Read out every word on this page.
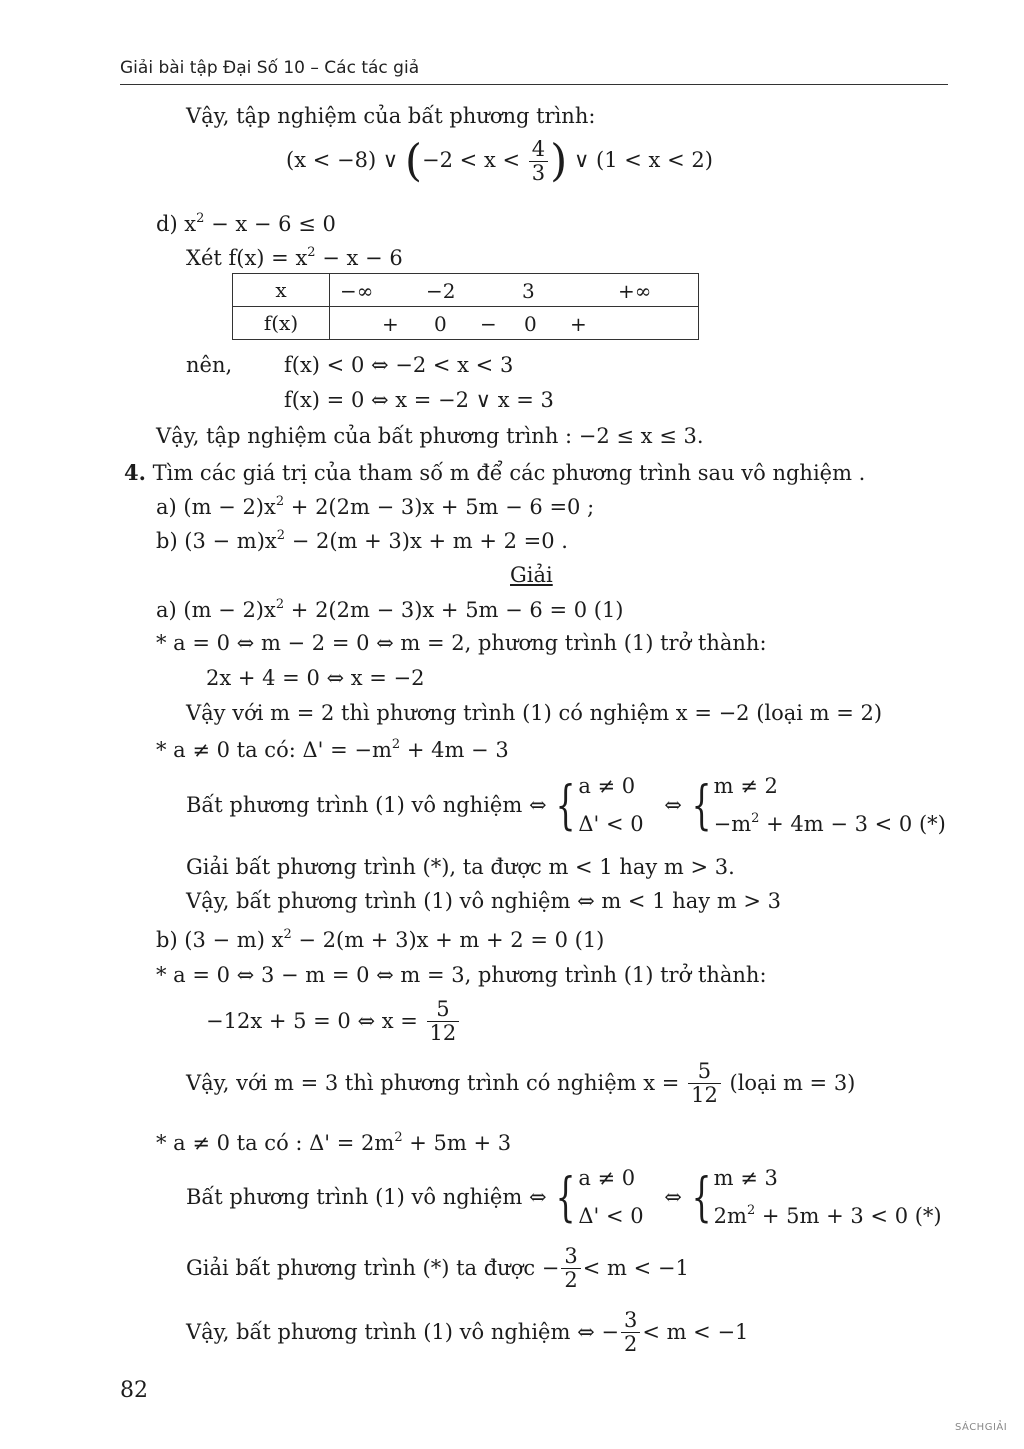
Giải bài tập Đại Số 10 – Các tác giả
Vậy, tập nghiệm của bất phương trình:
(x < −8) ∨ ($-2 < x < \frac{4}{3}$ ) ∨ (1 < x < 2)
d) $x^2 - x - 6 \le 0$
Xét $f(x) = x^2 - x - 6$
x	−∞ −2 3 +∞

f(x)	+ 0 − 0 +
nên, f(x) < 0 ⇔ −2 < x < 3
f(x) = 0 ⇔ x = −2 ∨ x = 3
Vậy, tập nghiệm của bất phương trình : −2 ≤ x ≤ 3.
4. Tìm các giá trị của tham số m để các phương trình sau vô nghiệm .
a) $(m - 2)x^2 + 2(2m - 3)x + 5m - 6 =0$ ;
b) $(3 - m)x^2 - 2(m + 3)x + m + 2 =0$ .
Giải
a) $(m - 2)x^2 + 2(2m - 3)x + 5m - 6 = 0$ (1)
* a = 0 ⇔ m − 2 = 0 ⇔ m = 2, phương trình (1) trở thành:
2x + 4 = 0 ⇔ x = −2
Vậy với m = 2 thì phương trình (1) có nghiệm x = −2 (loại m = 2)
* a ≠ 0 ta có: $\Delta' = -m^2 + 4m - 3$
Bất phương trình (1) vô nghiệm ⇔ { a ≠ 0
Δ' < 0
⇔ { m ≠ 2
$-m^2 + 4m - 3 < 0$ (*)
Giải bất phương trình (*), ta được m < 1 hay m > 3.
Vậy, bất phương trình (1) vô nghiệm ⇔ m < 1 hay m > 3
b) (3 − m) $x^2 - 2(m + 3)x + m + 2 = 0$ (1)
* a = 0 ⇔ 3 − m = 0 ⇔ m = 3, phương trình (1) trở thành:
−12x + 5 = 0 ⇔ $x = \frac{5}{12}$
Vậy, với m = 3 thì phương trình có nghiệm $x = \frac{5}{12}$ (loại m = 3)
* a ≠ 0 ta có : $\Delta' = 2m^2 + 5m + 3$
Bất phương trình (1) vô nghiệm ⇔ { a ≠ 0
Δ' < 0
⇔ { m ≠ 3
$2m^2 + 5m + 3 < 0$ (*)
Giải bất phương trình (*) ta được − $\frac{3}{2} < m < -1$
Vậy, bất phương trình (1) vô nghiệm ⇔ − $\frac{3}{2} < m < -1$
82
SÁCHGIẢI
